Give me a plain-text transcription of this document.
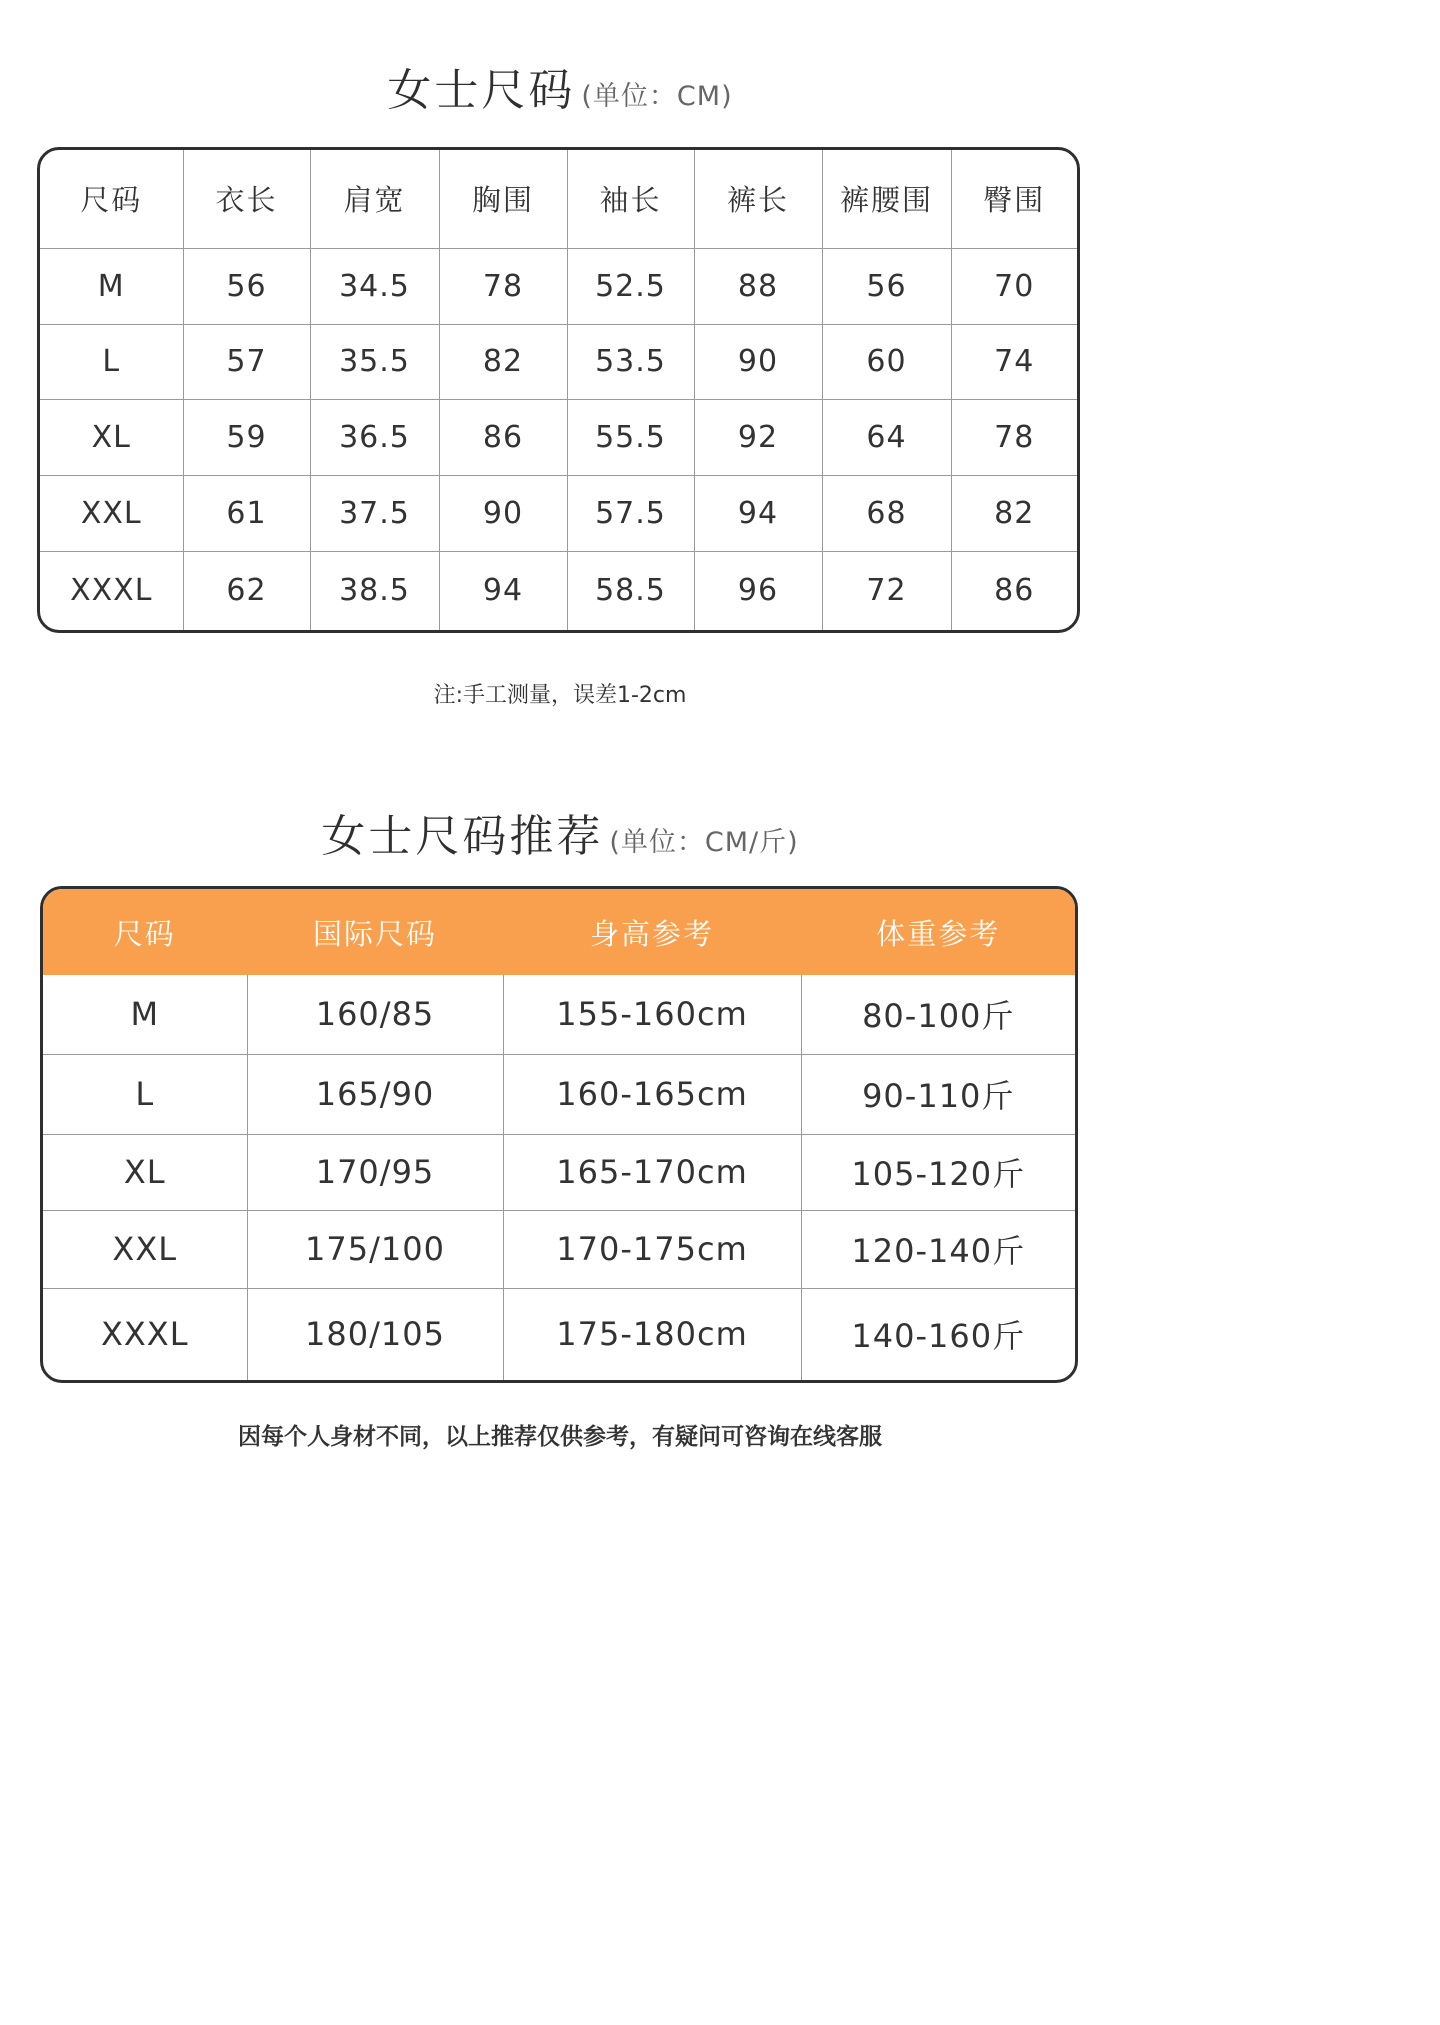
女士尺码 (单位：CM)
尺码	衣长	肩宽	胸围	袖长	裤长	裤腰围	臀围
M	56	34.5	78	52.5	88	56	70
L	57	35.5	82	53.5	90	60	74
XL	59	36.5	86	55.5	92	64	78
XXL	61	37.5	90	57.5	94	68	82
XXXL	62	38.5	94	58.5	96	72	86
注:手工测量，误差1-2cm
女士尺码推荐 (单位：CM/斤)
尺码	国际尺码	身高参考	体重参考
M	160/85	155-160cm	80-100斤
L	165/90	160-165cm	90-110斤
XL	170/95	165-170cm	105-120斤
XXL	175/100	170-175cm	120-140斤
XXXL	180/105	175-180cm	140-160斤
因每个人身材不同，以上推荐仅供参考，有疑问可咨询在线客服
